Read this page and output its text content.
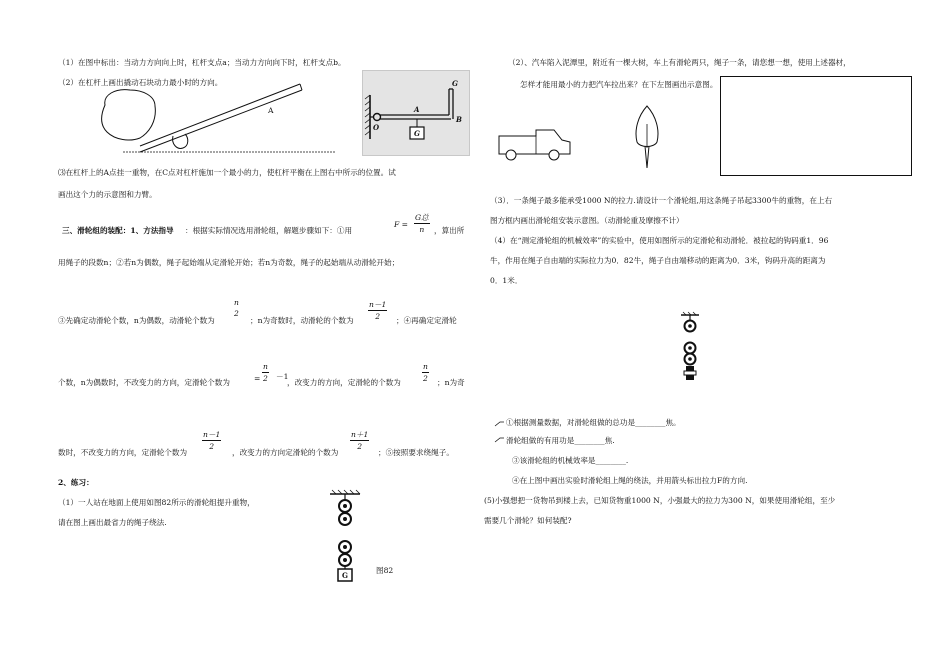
（1）在图中标出：当动力方向向上时，杠杆支点a；当动力方向向下时，杠杆支点b。
（2）在杠杆上画出撬动石块动力最小时的方向。
A
G
A
O
B
G
⑶在杠杆上的A点挂一重物，在C点对杠杆施加一个最小的力，使杠杆平衡在上图右中所示的位置。试
画出这个力的示意图和力臂。
三、滑轮组的装配：1、方法指导 ：根据实际情况选用滑轮组，解题步骤如下：①用
F =
G总
n	，算出所
用绳子的段数n；②若n为偶数，绳子起始端从定滑轮开始；若n为奇数，绳子的起始端从动滑轮开始；
③先确定动滑轮个数，n为偶数，动滑轮个数为
n
2
；n为奇数时，动滑轮的个数为 $\frac{n-1}{2}$ ；④再确定定滑轮
个数，n为偶数时，不改变力的方向，定滑轮个数为	= $\frac{n}{2} -1$
，改变力的方向，定滑轮的个数为	$\frac{n}{2}$ ；n为奇
数时，不改变力的方向，定滑轮个数为
$\frac{n-1}{2}$
，改变力的方向定滑轮的个数为
$\frac{n+1}{2}$
；⑤按照要求绕绳子。
2、练习：
（1）一人站在地面上使用如图82所示的滑轮组提升重物，
请在图上画出最省力的绳子绕法.
G
图82
（2）、汽车陷入泥潭里，附近有一棵大树，车上有滑轮两只，绳子一条，请您想一想，使用上述器材，
怎样才能用最小的力把汽车拉出来？在下左图画出示意图。
（3）．一条绳子最多能承受1000 N的拉力.请设计一个滑轮组,用这条绳子吊起3300牛的重物，在上右
图方框内画出滑轮组安装示意图。（动滑轮重及摩擦不计）
（4）在“测定滑轮组的机械效率”的实验中，使用如图所示的定滑轮和动滑轮．被拉起的钩码重1．96
牛，作用在绳子自由端的实际拉力为0．82牛，绳子自由端移动的距离为0．3米，钩码升高的距离为
0．1米．
①根据测量数据，对滑轮组做的总功是________焦。
滑轮组做的有用功是________焦.
③该滑轮组的机械效率是________.
④在上图中画出实验时滑轮组上绳的绕法，并用箭头标出拉力F的方向.
(5)小强想把一货物吊到楼上去，已知货物重1000 N，小强最大的拉力为300 N，如果使用滑轮组，至少
需要几个滑轮？如何装配?
